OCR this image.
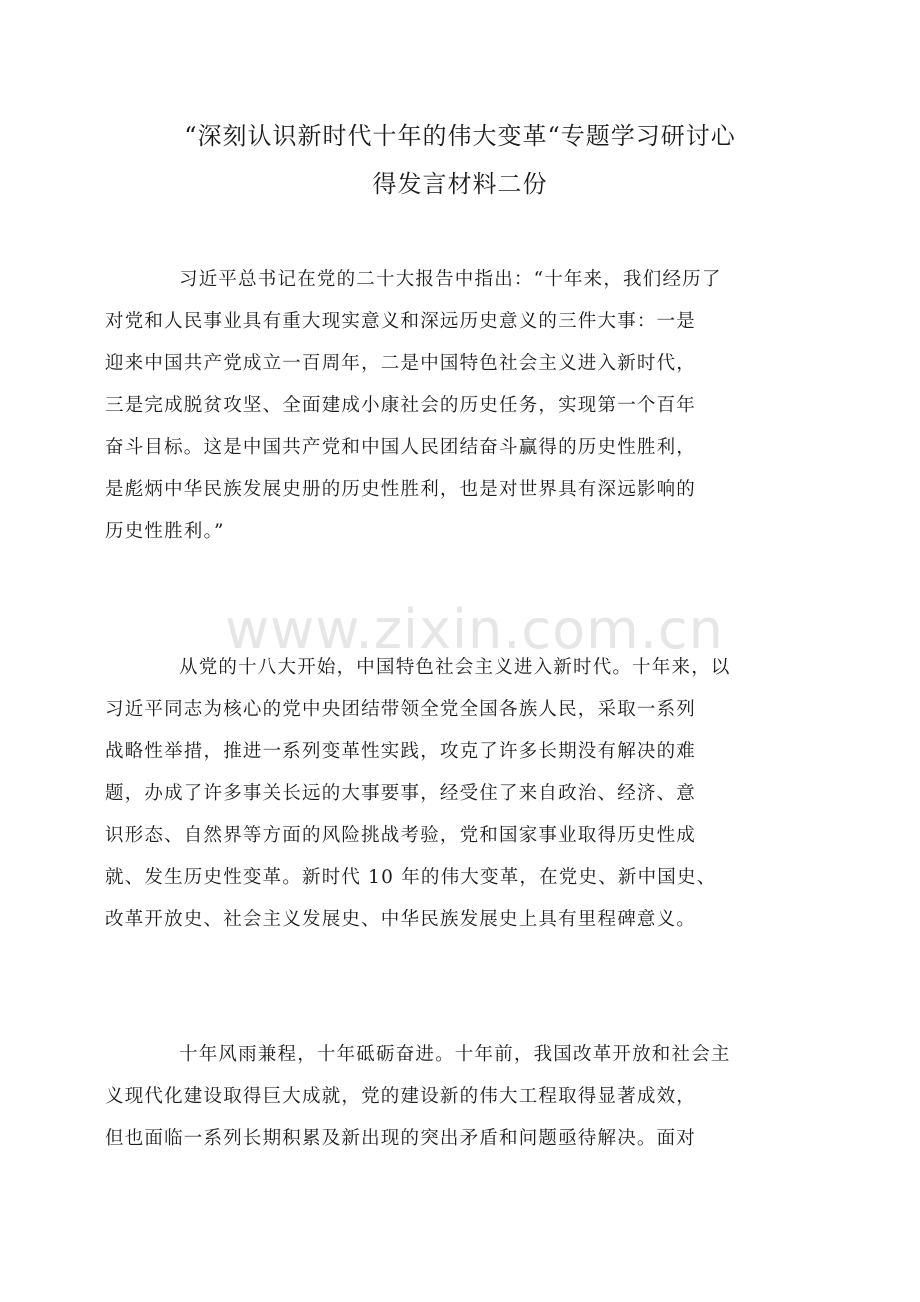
“深刻认识新时代十年的伟大变革“专题学习研讨心
得发言材料二份
习近平总书记在党的二十大报告中指出：“十年来，我们经历了
对党和人民事业具有重大现实意义和深远历史意义的三件大事：一是
迎来中国共产党成立一百周年，二是中国特色社会主义进入新时代，
三是完成脱贫攻坚、全面建成小康社会的历史任务，实现第一个百年
奋斗目标。这是中国共产党和中国人民团结奋斗赢得的历史性胜利，
是彪炳中华民族发展史册的历史性胜利，也是对世界具有深远影响的
历史性胜利。”
www.zixin.com.cn
从党的十八大开始，中国特色社会主义进入新时代。十年来，以
习近平同志为核心的党中央团结带领全党全国各族人民，采取一系列
战略性举措，推进一系列变革性实践，攻克了许多长期没有解决的难
题，办成了许多事关长远的大事要事，经受住了来自政治、经济、意
识形态、自然界等方面的风险挑战考验，党和国家事业取得历史性成
就、发生历史性变革。新时代 10 年的伟大变革，在党史、新中国史、
改革开放史、社会主义发展史、中华民族发展史上具有里程碑意义。
十年风雨兼程，十年砥砺奋进。十年前，我国改革开放和社会主
义现代化建设取得巨大成就，党的建设新的伟大工程取得显著成效，
但也面临一系列长期积累及新出现的突出矛盾和问题亟待解决。面对
